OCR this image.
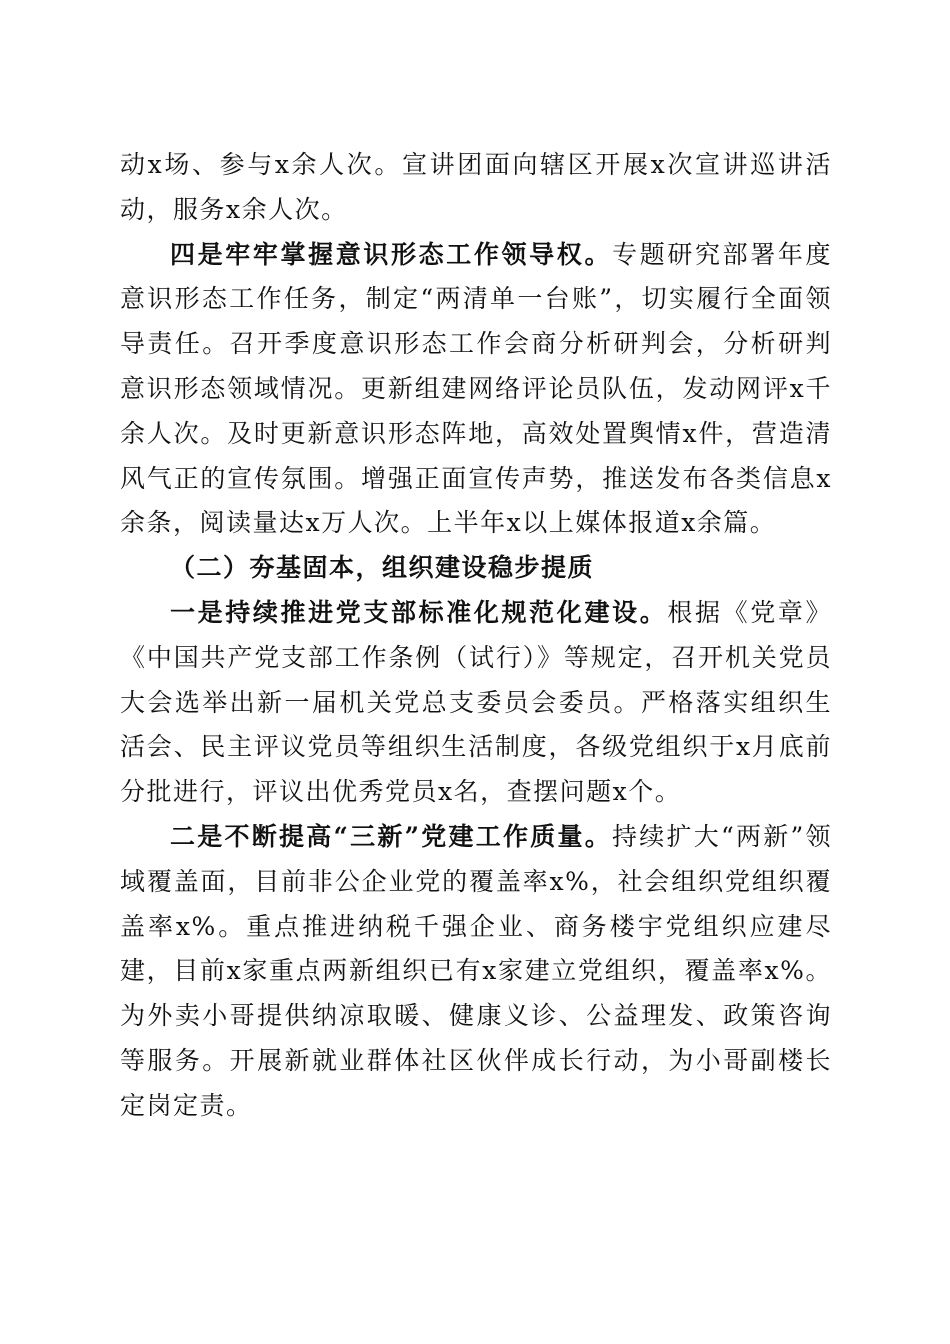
动x场、参与x余人次。宣讲团面向辖区开展x次宣讲巡讲活动，服务x余人次。

四是牢牢掌握意识形态工作领导权。专题研究部署年度意识形态工作任务，制定“两清单一台账”，切实履行全面领导责任。召开季度意识形态工作会商分析研判会，分析研判意识形态领域情况。更新组建网络评论员队伍，发动网评x千余人次。及时更新意识形态阵地，高效处置舆情x件，营造清风气正的宣传氛围。增强正面宣传声势，推送发布各类信息x余条，阅读量达x万人次。上半年x以上媒体报道x余篇。

（二）夯基固本，组织建设稳步提质

一是持续推进党支部标准化规范化建设。根据《党章》《中国共产党支部工作条例（试行）》等规定，召开机关党员大会选举出新一届机关党总支委员会委员。严格落实组织生活会、民主评议党员等组织生活制度，各级党组织于x月底前分批进行，评议出优秀党员x名，查摆问题x个。

二是不断提高“三新”党建工作质量。持续扩大“两新”领域覆盖面，目前非公企业党的覆盖率x%，社会组织党组织覆盖率x%。重点推进纳税千强企业、商务楼宇党组织应建尽建，目前x家重点两新组织已有x家建立党组织，覆盖率x%。为外卖小哥提供纳凉取暖、健康义诊、公益理发、政策咨询等服务。开展新就业群体社区伙伴成长行动，为小哥副楼长定岗定责。
